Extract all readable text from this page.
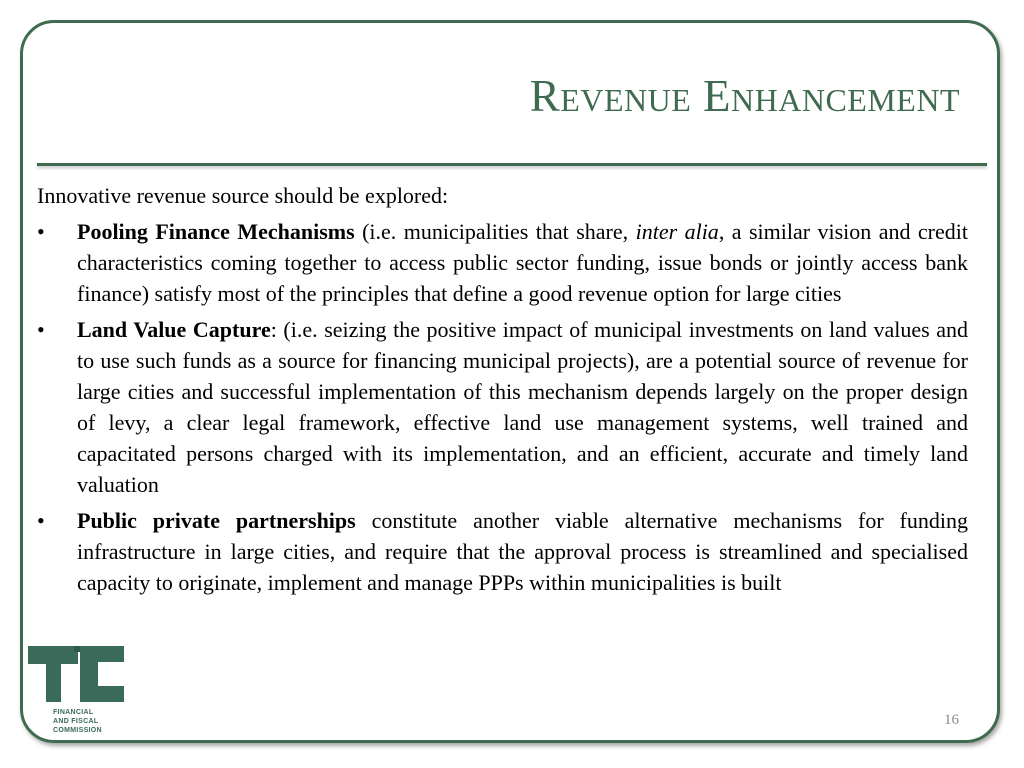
Revenue Enhancement

Innovative revenue source should be explored:

• Pooling Finance Mechanisms (i.e. municipalities that share, inter alia, a similar vision and credit characteristics coming together to access public sector funding, issue bonds or jointly access bank finance) satisfy most of the principles that define a good revenue option for large cities
• Land Value Capture: (i.e. seizing the positive impact of municipal investments on land values and to use such funds as a source for financing municipal projects), are a potential source of revenue for large cities and successful implementation of this mechanism depends largely on the proper design of levy, a clear legal framework, effective land use management systems, well trained and capacitated persons charged with its implementation, and an efficient, accurate and timely land valuation
• Public private partnerships constitute another viable alternative mechanisms for funding infrastructure in large cities, and require that the approval process is streamlined and specialised capacity to originate, implement and manage PPPs within municipalities is built
FINANCIAL
AND FISCAL
COMMISSION
16
